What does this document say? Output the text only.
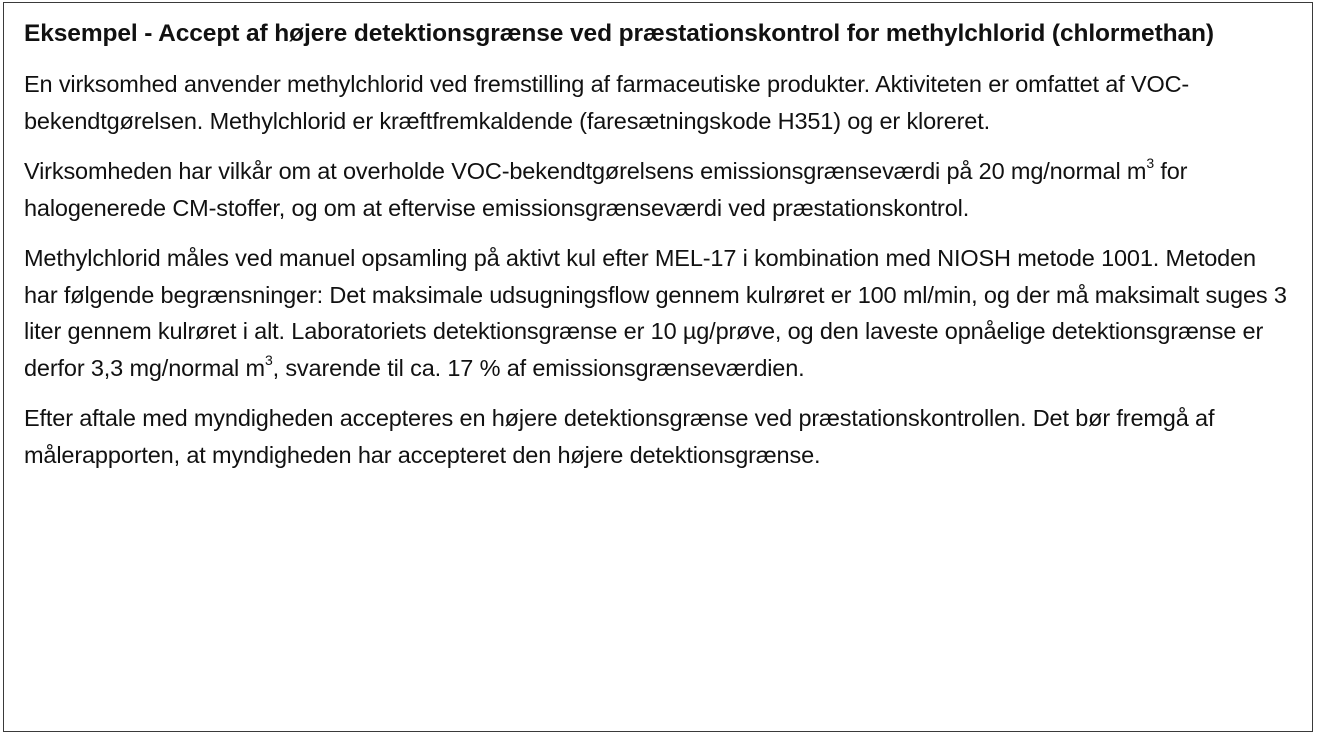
Eksempel - Accept af højere detektionsgrænse ved præstationskontrol for methylchlorid (chlormethan)

En virksomhed anvender methylchlorid ved fremstilling af farmaceutiske produkter. Aktiviteten er omfattet af VOC-bekendtgørelsen. Methylchlorid er kræftfremkaldende (faresætningskode H351) og er kloreret.

Virksomheden har vilkår om at overholde VOC-bekendtgørelsens emissionsgrænseværdi på 20 mg/normal $m^3$ for halogenerede CM-stoffer, og om at eftervise emissionsgrænseværdi ved præstationskontrol.

Methylchlorid måles ved manuel opsamling på aktivt kul efter MEL-17 i kombination med NIOSH metode 1001. Metoden har følgende begrænsninger: Det maksimale udsugningsflow gennem kulrøret er 100 ml/min, og der må maksimalt suges 3 liter gennem kulrøret i alt. Laboratoriets detektionsgrænse er 10 µg/prøve, og den laveste opnåelige detektionsgrænse er derfor 3,3 mg/normal $m^3$, svarende til ca. 17 % af emissionsgrænseværdien.

Efter aftale med myndigheden accepteres en højere detektionsgrænse ved præstationskontrollen. Det bør fremgå af målerapporten, at myndigheden har accepteret den højere detektionsgrænse.
